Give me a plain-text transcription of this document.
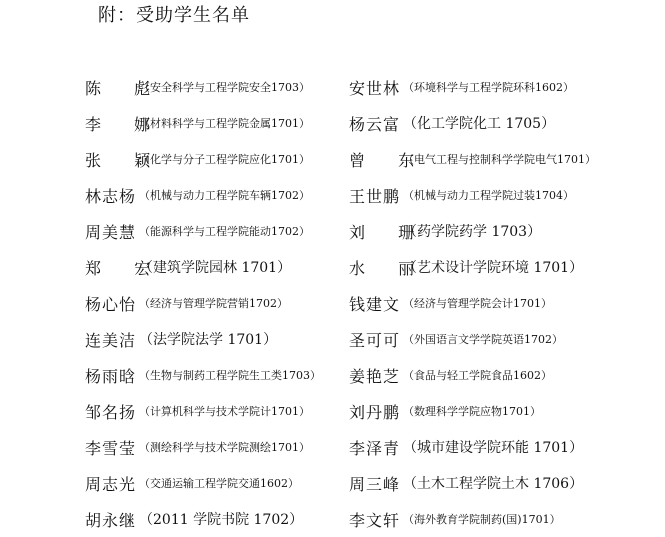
附：受助学生名单
陈 彪
（安全科学与工程学院安全1703）
李 娜
（材料科学与工程学院金属1701）
张 颖
（化学与分子工程学院应化1701）
林志杨 （机械与动力工程学院车辆1702）
周美慧 （能源科学与工程学院能动1702）
郑 宏
（建筑学院园林 1701）
杨心怡 （经济与管理学院营销1702）
连美洁 （法学院法学 1701）
杨雨晗 （生物与制药工程学院生工类1703）
邹名扬 （计算机科学与技术学院计1701）
李雪莹 （测绘科学与技术学院测绘1701）
周志光 （交通运输工程学院交通1602）
胡永继 （2011 学院书院 1702）
安世林 （环境科学与工程学院环科1602）
杨云富 （化工学院化工 1705）
曾 东
（电气工程与控制科学学院电气1701）
王世鹏 （机械与动力工程学院过装1704）
刘 珊
（药学院药学 1703）
水 丽
（艺术设计学院环境 1701）
钱建文 （经济与管理学院会计1701）
圣可可 （外国语言文学学院英语1702）
姜艳芝 （食品与轻工学院食品1602）
刘丹鹏 （数理科学学院应物1701）
李泽青 （城市建设学院环能 1701）
周三峰 （土木工程学院土木 1706）
李文轩 （海外教育学院制药(国)1701）
